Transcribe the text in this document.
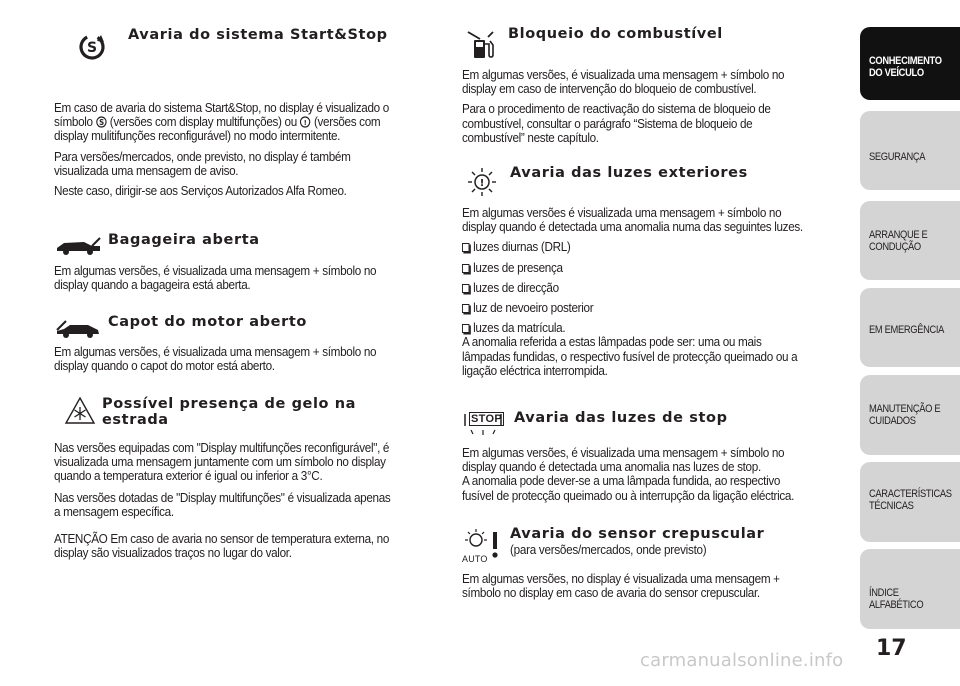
S
Avaria do sistema Start&Stop
Em caso de avaria do sistema Start&Stop, no display é visualizado o
símbolo S (versões com display multifunções) ou ! (versões com
display mulitifunções reconfigurável) no modo intermitente.
Para versões/mercados, onde previsto, no display é também
visualizada uma mensagem de aviso.
Neste caso, dirigir-se aos Serviços Autorizados Alfa Romeo.
Bagageira aberta
Em algumas versões, é visualizada uma mensagem + símbolo no
display quando a bagageira está aberta.
Capot do motor aberto
Em algumas versões, é visualizada uma mensagem + símbolo no
display quando o capot do motor está aberto.
Possível presença de gelo na
estrada
Nas versões equipadas com "Display multifunções reconfigurável", é
visualizada uma mensagem juntamente com um símbolo no display
quando a temperatura exterior é igual ou inferior a 3°C.
Nas versões dotadas de "Display multifunções" é visualizada apenas
a mensagem específica.
ATENÇÃO Em caso de avaria no sensor de temperatura externa, no
display são visualizados traços no lugar do valor.
Bloqueio do combustível
Em algumas versões, é visualizada uma mensagem + símbolo no
display em caso de intervenção do bloqueio de combustível.
Para o procedimento de reactivação do sistema de bloqueio de
combustível, consultar o parágrafo “Sistema de bloqueio de
combustível” neste capítulo.
!
Avaria das luzes exteriores
Em algumas versões é visualizada uma mensagem + símbolo no
display quando é detectada uma anomalia numa das seguintes luzes.
luzes diurnas (DRL)
luzes de presença
luzes de direcção
luz de nevoeiro posterior
luzes da matrícula.
A anomalia referida a estas lâmpadas pode ser: uma ou mais
lâmpadas fundidas, o respectivo fusível de protecção queimado ou a
ligação eléctrica interrompida.
STOP Avaria das luzes de stop
Em algumas versões, é visualizada uma mensagem + símbolo no
display quando é detectada uma anomalia nas luzes de stop.
A anomalia pode dever-se a uma lâmpada fundida, ao respectivo
fusível de protecção queimado ou à interrupção da ligação eléctrica.
AUTO
Avaria do sensor crepuscular
(para versões/mercados, onde previsto)
Em algumas versões, no display é visualizada uma mensagem +
símbolo no display em caso de avaria do sensor crepuscular.
CONHECIMENTO
DO VEÍCULO
SEGURANÇA
ARRANQUE E
CONDUÇÃO
EM EMERGÊNCIA
MANUTENÇÃO E
CUIDADOS
CARACTERÍSTICAS
TÉCNICAS
ÍNDICE ALFABÉTICO
17
carmanualsonline.info
